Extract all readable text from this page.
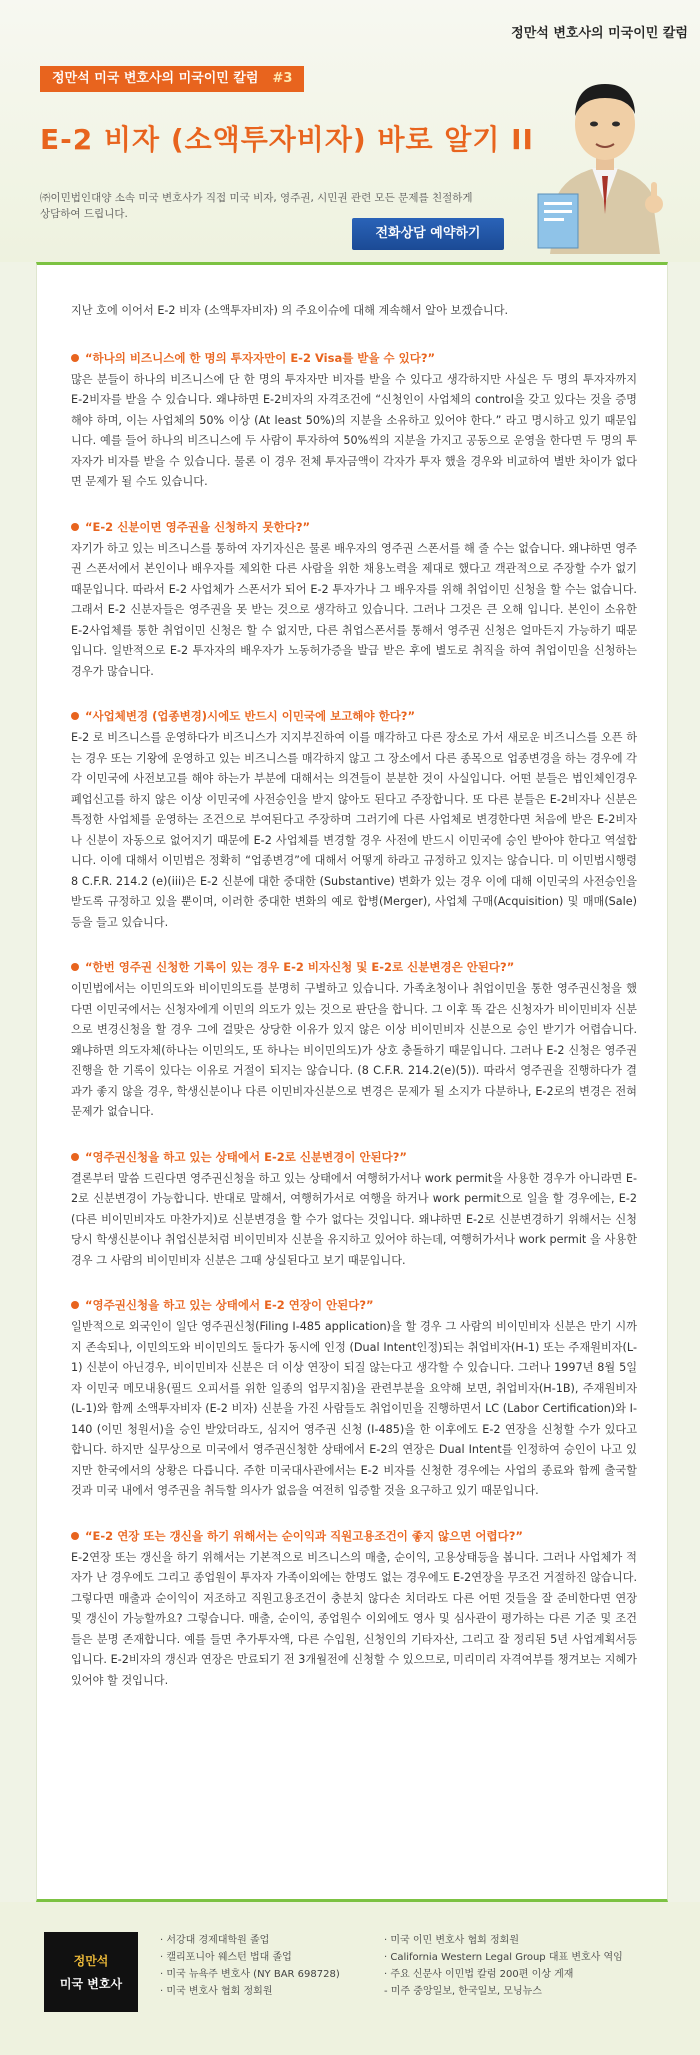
정만석 변호사의 미국이민 칼럼
정만석 미국 변호사의 미국이민 칼럼 #3
E-2 비자 (소액투자비자) 바로 알기 II
㈜이민법인대양 소속 미국 변호사가 직접 미국 비자, 영주권, 시민권 관련 모든 문제를 친절하게 상담하여 드립니다.
전화상담 예약하기

지난 호에 이어서 E-2 비자 (소액투자비자) 의 주요이슈에 대해 계속해서 알아 보겠습니다.

“하나의 비즈니스에 한 명의 투자자만이 E-2 Visa를 받을 수 있다?”

많은 분들이 하나의 비즈니스에 단 한 명의 투자자만 비자를 받을 수 있다고 생각하지만 사실은 두 명의 투자자까지 E-2비자를 받을 수 있습니다. 왜냐하면 E-2비자의 자격조건에 “신청인이 사업체의 control을 갖고 있다는 것을 증명해야 하며, 이는 사업체의 50% 이상 (At least 50%)의 지분을 소유하고 있어야 한다.” 라고 명시하고 있기 때문입니다. 예를 들어 하나의 비즈니스에 두 사람이 투자하여 50%씩의 지분을 가지고 공동으로 운영을 한다면 두 명의 투자자가 비자를 받을 수 있습니다. 물론 이 경우 전체 투자금액이 각자가 투자 했을 경우와 비교하여 별반 차이가 없다면 문제가 될 수도 있습니다.

“E-2 신분이면 영주권을 신청하지 못한다?”

자기가 하고 있는 비즈니스를 통하여 자기자신은 물론 배우자의 영주권 스폰서를 해 줄 수는 없습니다. 왜냐하면 영주권 스폰서에서 본인이나 배우자를 제외한 다른 사람을 위한 채용노력을 제대로 했다고 객관적으로 주장할 수가 없기 때문입니다. 따라서 E-2 사업체가 스폰서가 되어 E-2 투자가나 그 배우자를 위해 취업이민 신청을 할 수는 없습니다. 그래서 E-2 신분자들은 영주권을 못 받는 것으로 생각하고 있습니다. 그러나 그것은 큰 오해 입니다. 본인이 소유한 E-2사업체를 통한 취업이민 신청은 할 수 없지만, 다른 취업스폰서를 통해서 영주권 신청은 얼마든지 가능하기 때문입니다. 일반적으로 E-2 투자자의 배우자가 노동허가증을 발급 받은 후에 별도로 취직을 하여 취업이민을 신청하는 경우가 많습니다.

“사업체변경 (업종변경)시에도 반드시 이민국에 보고해야 한다?”

E-2 로 비즈니스를 운영하다가 비즈니스가 지지부진하여 이를 매각하고 다른 장소로 가서 새로운 비즈니스를 오픈 하는 경우 또는 기왕에 운영하고 있는 비즈니스를 매각하지 않고 그 장소에서 다른 종목으로 업종변경을 하는 경우에 각각 이민국에 사전보고를 해야 하는가 부분에 대해서는 의견들이 분분한 것이 사실입니다. 어떤 분들은 법인체인경우 폐업신고를 하지 않은 이상 이민국에 사전승인을 받지 않아도 된다고 주장합니다. 또 다른 분들은 E-2비자나 신분은 특정한 사업체를 운영하는 조건으로 부여된다고 주장하며 그러기에 다른 사업체로 변경한다면 처음에 받은 E-2비자나 신분이 자동으로 없어지기 때문에 E-2 사업체를 변경할 경우 사전에 반드시 이민국에 승인 받아야 한다고 역설합니다. 이에 대해서 이민법은 정확히 “업종변경”에 대해서 어떻게 하라고 규정하고 있지는 않습니다. 미 이민법시행령 8 C.F.R. 214.2 (e)(iii)은 E-2 신분에 대한 중대한 (Substantive) 변화가 있는 경우 이에 대해 이민국의 사전승인을 받도록 규정하고 있을 뿐이며, 이러한 중대한 변화의 예로 합병(Merger), 사업체 구매(Acquisition) 및 매매(Sale) 등을 들고 있습니다.

“한번 영주권 신청한 기록이 있는 경우 E-2 비자신청 및 E-2로 신분변경은 안된다?”

이민법에서는 이민의도와 비이민의도를 분명히 구별하고 있습니다. 가족초청이나 취업이민을 통한 영주권신청을 했다면 이민국에서는 신청자에게 이민의 의도가 있는 것으로 판단을 합니다. 그 이후 똑 같은 신청자가 비이민비자 신분으로 변경신청을 할 경우 그에 걸맞은 상당한 이유가 있지 않은 이상 비이민비자 신분으로 승인 받기가 어렵습니다. 왜냐하면 의도자체(하나는 이민의도, 또 하나는 비이민의도)가 상호 충돌하기 때문입니다. 그러나 E-2 신청은 영주권 진행을 한 기록이 있다는 이유로 거절이 되지는 않습니다. (8 C.F.R. 214.2(e)(5)). 따라서 영주권을 진행하다가 결과가 좋지 않을 경우, 학생신분이나 다른 이민비자신분으로 변경은 문제가 될 소지가 다분하나, E-2로의 변경은 전혀 문제가 없습니다.

“영주권신청을 하고 있는 상태에서 E-2로 신분변경이 안된다?”

결론부터 말씀 드린다면 영주권신청을 하고 있는 상태에서 여행허가서나 work permit을 사용한 경우가 아니라면 E-2로 신분변경이 가능합니다. 반대로 말해서, 여행허가서로 여행을 하거나 work permit으로 일을 할 경우에는, E-2 (다른 비이민비자도 마찬가지)로 신분변경을 할 수가 없다는 것입니다. 왜냐하면 E-2로 신분변경하기 위해서는 신청 당시 학생신분이나 취업신분처럼 비이민비자 신분을 유지하고 있어야 하는데, 여행허가서나 work permit 을 사용한 경우 그 사람의 비이민비자 신분은 그때 상실된다고 보기 때문입니다.

“영주권신청을 하고 있는 상태에서 E-2 연장이 안된다?”

일반적으로 외국인이 일단 영주권신청(Filing I-485 application)을 할 경우 그 사람의 비이민비자 신분은 만기 시까지 존속되나, 이민의도와 비이민의도 둘다가 동시에 인정 (Dual Intent인정)되는 취업비자(H-1) 또는 주재원비자(L-1) 신분이 아닌경우, 비이민비자 신분은 더 이상 연장이 되질 않는다고 생각할 수 있습니다. 그러나 1997년 8월 5일자 이민국 메모내용(필드 오피서를 위한 일종의 업무지침)을 관련부분을 요약해 보면, 취업비자(H-1B), 주재원비자(L-1)와 함께 소액투자비자 (E-2 비자) 신분을 가진 사람들도 취업이민을 진행하면서 LC (Labor Certification)와 I-140 (이민 청원서)을 승인 받았더라도, 심지어 영주권 신청 (I-485)을 한 이후에도 E-2 연장을 신청할 수가 있다고 합니다. 하지만 실무상으로 미국에서 영주권신청한 상태에서 E-2의 연장은 Dual Intent를 인정하여 승인이 나고 있지만 한국에서의 상황은 다릅니다. 주한 미국대사관에서는 E-2 비자를 신청한 경우에는 사업의 종료와 함께 출국할 것과 미국 내에서 영주권을 취득할 의사가 없음을 여전히 입증할 것을 요구하고 있기 때문입니다.

“E-2 연장 또는 갱신을 하기 위해서는 순이익과 직원고용조건이 좋지 않으면 어렵다?”

E-2연장 또는 갱신을 하기 위해서는 기본적으로 비즈니스의 매출, 순이익, 고용상태등을 봅니다. 그러나 사업체가 적자가 난 경우에도 그리고 종업원이 투자자 가족이외에는 한명도 없는 경우에도 E-2연장을 무조건 거절하진 않습니다. 그렇다면 매출과 순이익이 저조하고 직원고용조건이 충분치 않다손 치더라도 다른 어떤 것들을 잘 준비한다면 연장 및 갱신이 가능할까요? 그렇습니다. 매출, 순이익, 종업원수 이외에도 영사 및 심사관이 평가하는 다른 기준 및 조건들은 분명 존재합니다. 예를 들면 추가투자액, 다른 수입원, 신청인의 기타자산, 그리고 잘 정리된 5년 사업계획서등입니다. E-2비자의 갱신과 연장은 만료되기 전 3개월전에 신청할 수 있으므로, 미리미리 자격여부를 챙겨보는 지혜가 있어야 할 것입니다.

정만석
미국 변호사
· 서강대 경제대학원 졸업
· 캘리포니아 웨스턴 법대 졸업
· 미국 뉴욕주 변호사 (NY BAR 698728)
· 미국 변호사 협회 정회원
· 미국 이민 변호사 협회 정회원
· California Western Legal Group 대표 변호사 역임
· 주요 신문사 이민법 칼럼 200편 이상 게재
- 미주 중앙일보, 한국일보, 모닝뉴스
